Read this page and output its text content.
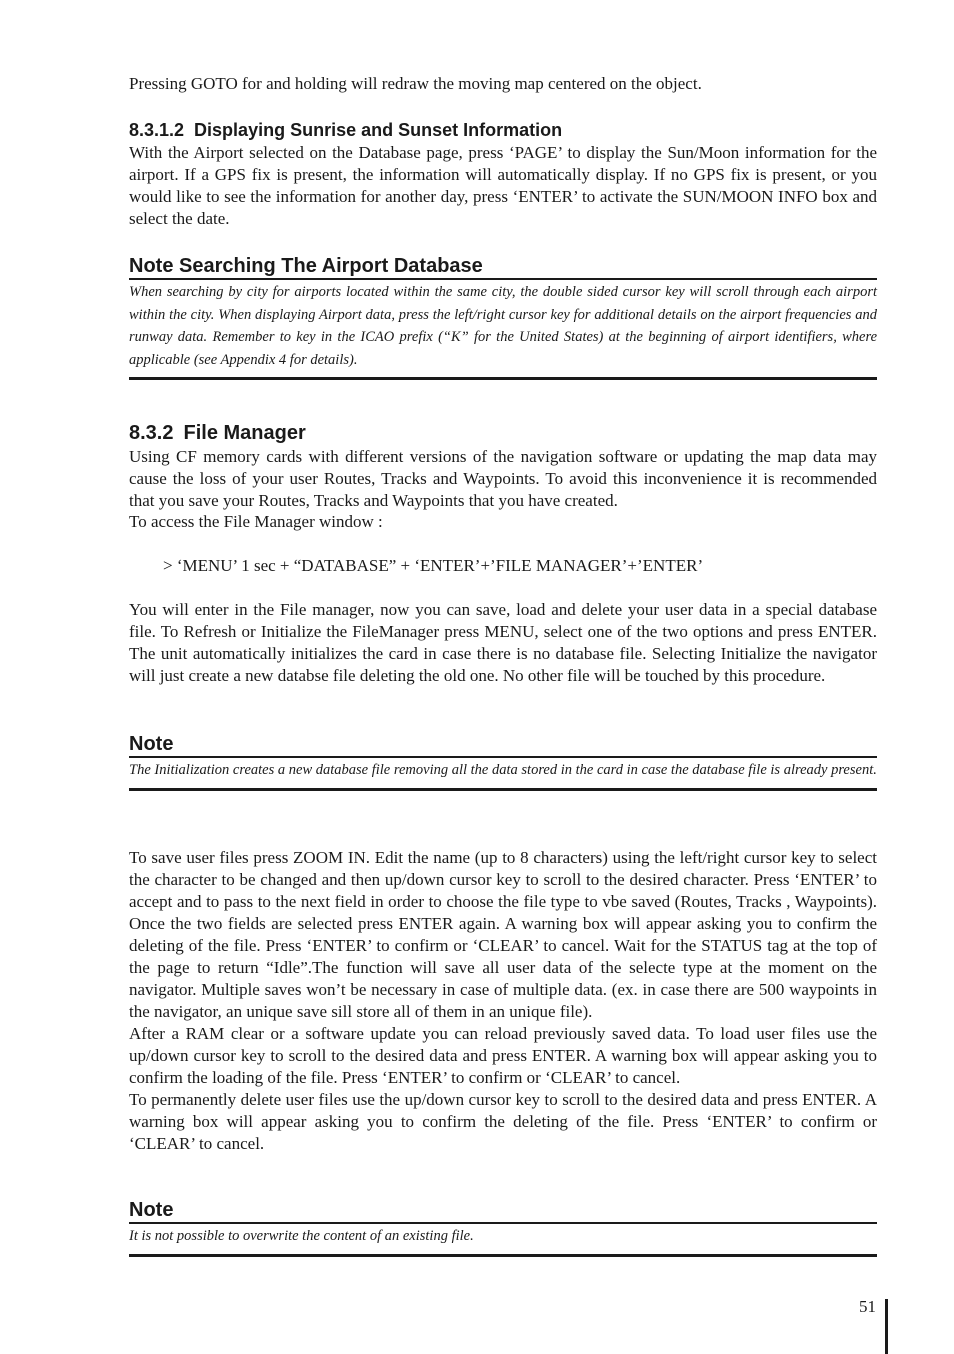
Pressing GOTO for and holding will redraw the moving map centered on the object.

8.3.1.2 Displaying Sunrise and Sunset Information

With the Airport selected on the Database page, press ‘PAGE’ to display the Sun/Moon information for the airport. If a GPS fix is present, the information will automatically display. If no GPS fix is present, or you would like to see the information for another day, press ‘ENTER’ to activate the SUN/MOON INFO box and select the date.

Note Searching The Airport Database
When searching by city for airports located within the same city, the double sided cursor key will scroll through each airport within the city. When displaying Airport data, press the left/right cursor key for additional details on the airport frequencies and runway data. Remember to key in the ICAO prefix (“K” for the United States) at the beginning of airport identifiers, where applicable (see Appendix 4 for details).
8.3.2 File Manager

Using CF memory cards with different versions of the navigation software or updating the map data may cause the loss of your user Routes, Tracks and Waypoints. To avoid this inconvenience it is recommended that you save your Routes, Tracks and Waypoints that you have created.

To access the File Manager window :

> ‘MENU’ 1 sec + “DATABASE” + ‘ENTER’+’FILE MANAGER’+’ENTER’

You will enter in the File manager, now you can save, load and delete your user data in a special database file. To Refresh or Initialize the FileManager press MENU, select one of the two options and press ENTER. The unit automatically initializes the card in case there is no database file. Selecting Initialize the navigator will just create a new databse file deleting the old one. No other file will be touched by this procedure.

Note
The Initialization creates a new database file removing all the data stored in the card in case the database file is already present.

To save user files press ZOOM IN. Edit the name (up to 8 characters) using the left/right cursor key to select the character to be changed and then up/down cursor key to scroll to the desired character. Press ‘ENTER’ to accept and to pass to the next field in order to choose the file type to vbe saved (Routes, Tracks , Waypoints). Once the two fields are selected press ENTER again. A warning box will appear asking you to confirm the deleting of the file. Press ‘ENTER’ to confirm or ‘CLEAR’ to cancel. Wait for the STATUS tag at the top of the page to return “Idle”.The function will save all user data of the selecte type at the moment on the navigator. Multiple saves won’t be necessary in case of multiple data. (ex. in case there are 500 waypoints in the navigator, an unique save sill store all of them in an unique file).

After a RAM clear or a software update you can reload previously saved data. To load user files use the up/down cursor key to scroll to the desired data and press ENTER. A warning box will appear asking you to confirm the loading of the file. Press ‘ENTER’ to confirm or ‘CLEAR’ to cancel.

To permanently delete user files use the up/down cursor key to scroll to the desired data and press ENTER. A warning box will appear asking you to confirm the deleting of the file. Press ‘ENTER’ to confirm or ‘CLEAR’ to cancel.

Note
It is not possible to overwrite the content of an existing file.

51
